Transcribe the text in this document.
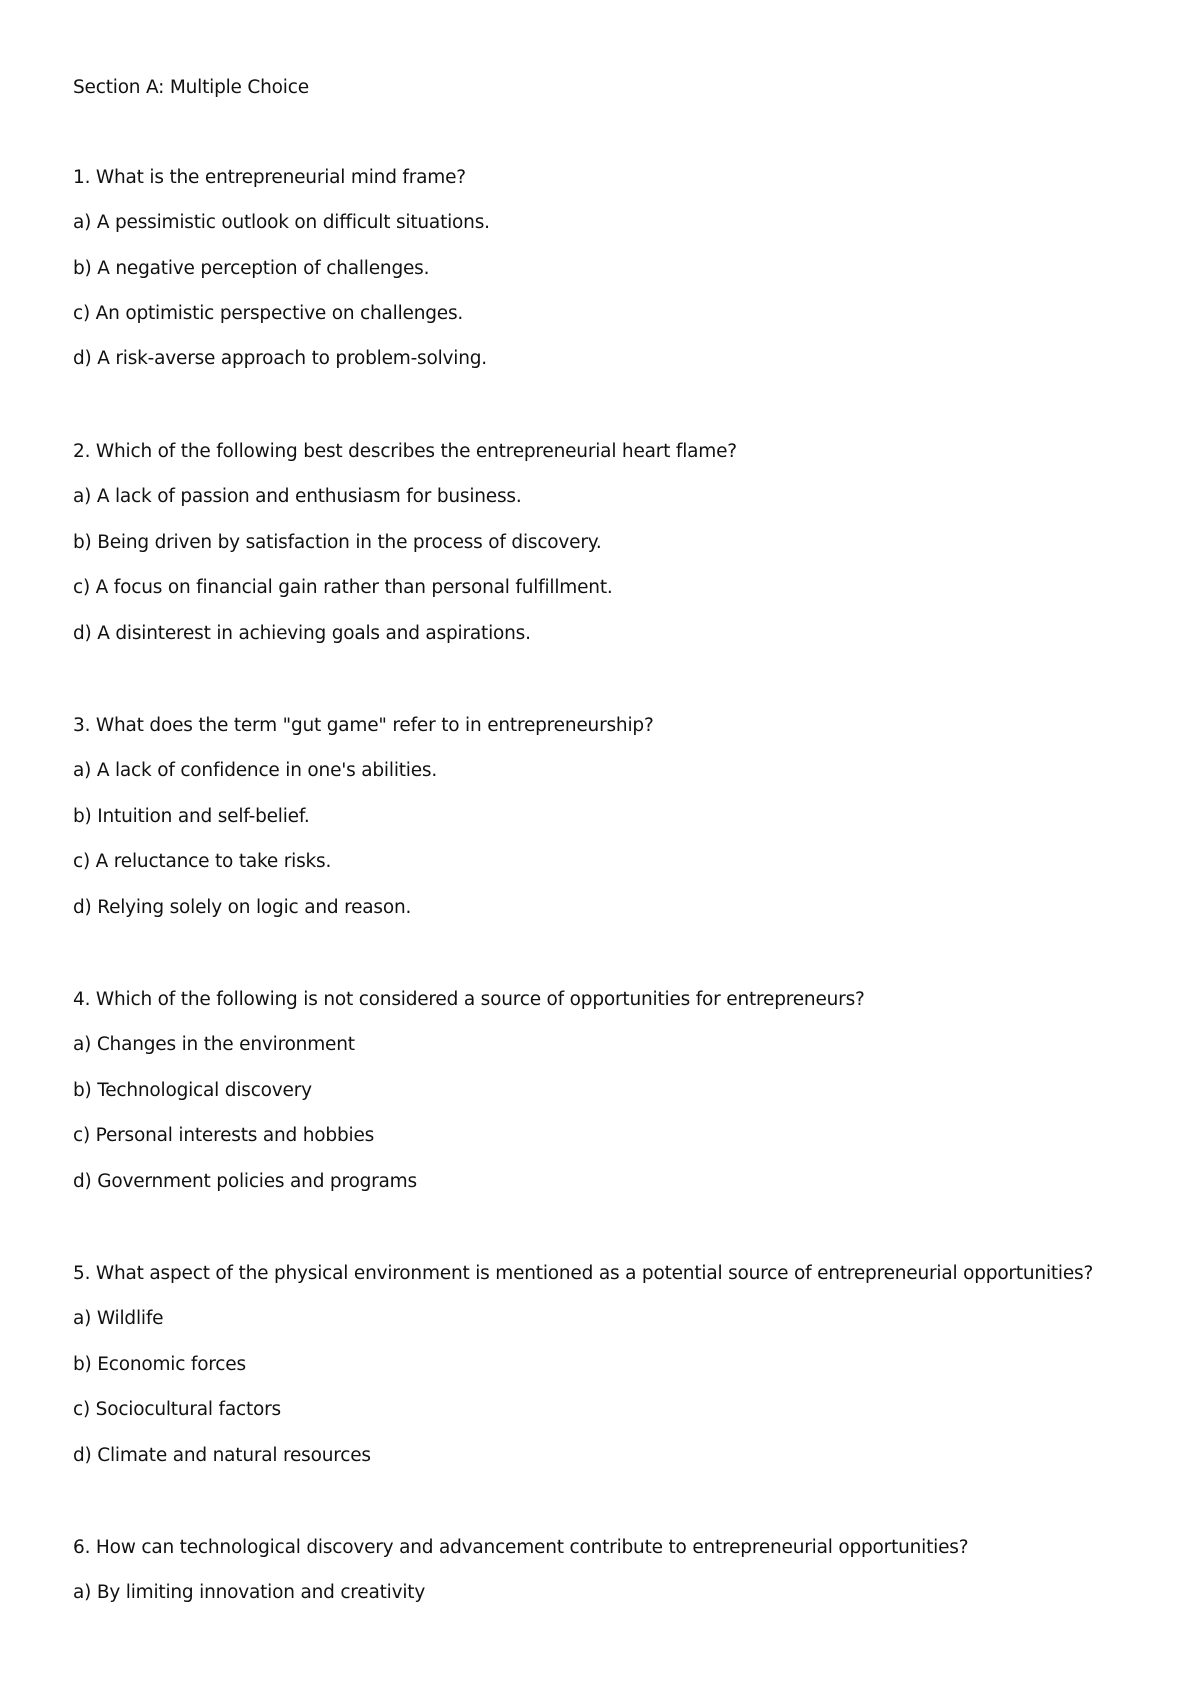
Section A: Multiple Choice
1. What is the entrepreneurial mind frame?
a) A pessimistic outlook on difficult situations.
b) A negative perception of challenges.
c) An optimistic perspective on challenges.
d) A risk-averse approach to problem-solving.
2. Which of the following best describes the entrepreneurial heart flame?
a) A lack of passion and enthusiasm for business.
b) Being driven by satisfaction in the process of discovery.
c) A focus on financial gain rather than personal fulfillment.
d) A disinterest in achieving goals and aspirations.
3. What does the term "gut game" refer to in entrepreneurship?
a) A lack of confidence in one's abilities.
b) Intuition and self-belief.
c) A reluctance to take risks.
d) Relying solely on logic and reason.
4. Which of the following is not considered a source of opportunities for entrepreneurs?
a) Changes in the environment
b) Technological discovery
c) Personal interests and hobbies
d) Government policies and programs
5. What aspect of the physical environment is mentioned as a potential source of entrepreneurial opportunities?
a) Wildlife
b) Economic forces
c) Sociocultural factors
d) Climate and natural resources
6. How can technological discovery and advancement contribute to entrepreneurial opportunities?
a) By limiting innovation and creativity
